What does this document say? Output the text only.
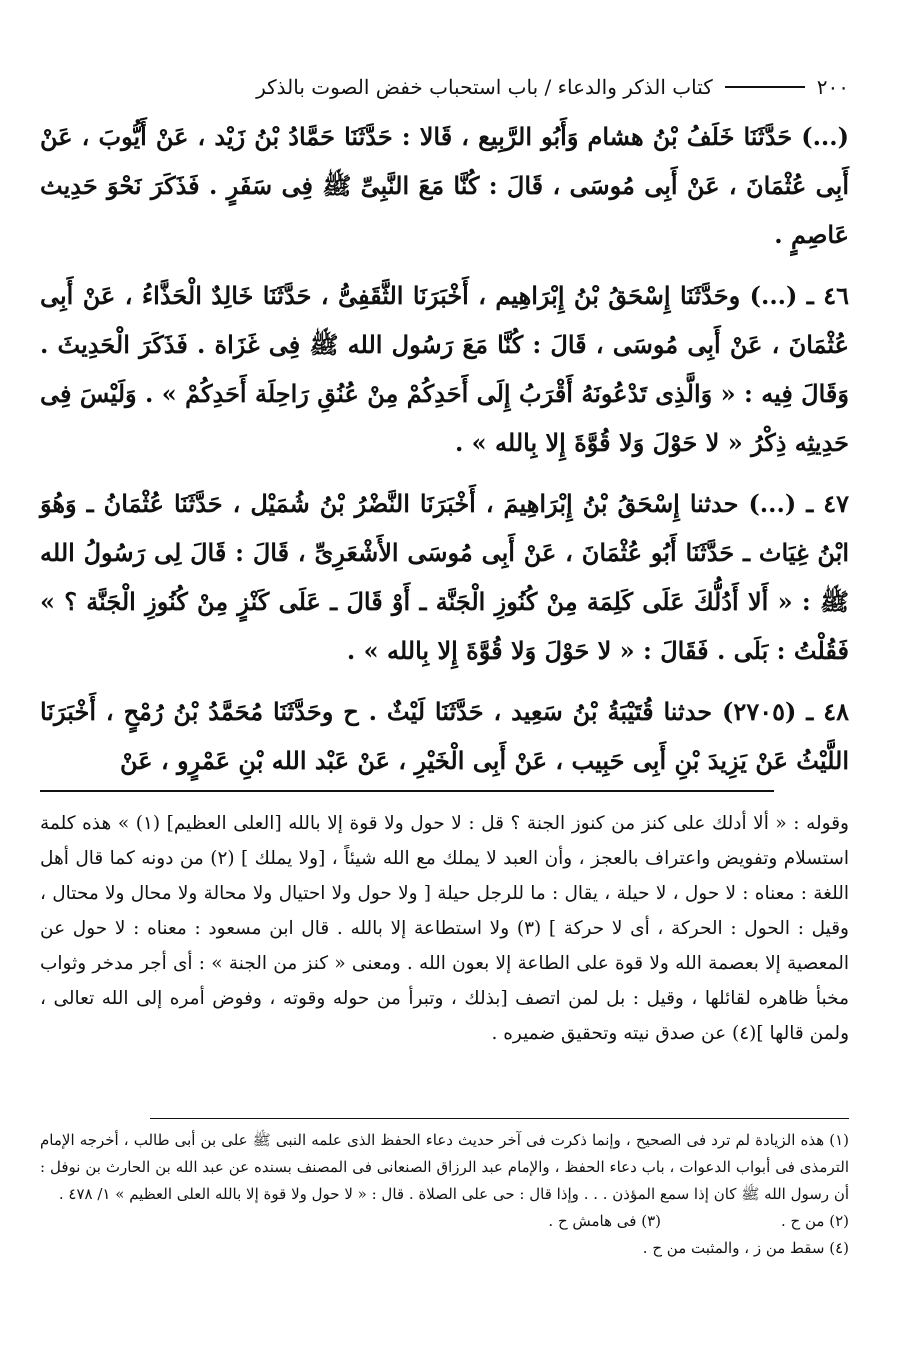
٢٠٠
كتاب الذكر والدعاء / باب استحباب خفض الصوت بالذكر

(...) حَدَّثَنَا خَلَفُ بْنُ هشام وَأَبُو الرَّبِيع ، قَالا : حَدَّثَنَا حَمَّادُ بْنُ زَيْد ، عَنْ أَيُّوبَ ، عَنْ أَبِى عُثْمَانَ ، عَنْ أَبِى مُوسَى ، قَالَ : كُنَّا مَعَ النَّبِىِّ ﷺ فِى سَفَرٍ . فَذَكَرَ نَحْوَ حَدِيث عَاصِمٍ .

٤٦ ـ (...) وحَدَّثَنَا إِسْحَقُ بْنُ إِبْرَاهِيم ، أَخْبَرَنَا الثَّقَفِىُّ ، حَدَّثَنَا خَالِدٌ الْحَذَّاءُ ، عَنْ أَبِى عُثْمَانَ ، عَنْ أَبِى مُوسَى ، قَالَ : كُنَّا مَعَ رَسُول الله ﷺ فِى غَزَاة . فَذَكَرَ الْحَدِيثَ . وَقَالَ فِيه : « وَالَّذِى تَدْعُونَهُ أَقْرَبُ إِلَى أَحَدِكُمْ مِنْ عُنُقِ رَاحِلَة أَحَدِكُمْ » . وَلَيْسَ فِى حَدِيثِه ذِكْرُ « لا حَوْلَ وَلا قُوَّةَ إِلا بِالله » .

٤٧ ـ (...) حدثنا إِسْحَقُ بْنُ إِبْرَاهِيمَ ، أَخْبَرَنَا النَّضْرُ بْنُ شُمَيْل ، حَدَّثَنَا عُثْمَانُ ـ وَهُوَ ابْنُ غِيَاث ـ حَدَّثَنَا أَبُو عُثْمَانَ ، عَنْ أَبِى مُوسَى الأَشْعَرِىِّ ، قَالَ : قَالَ لِى رَسُولُ الله ﷺ : « أَلا أَدُلُّكَ عَلَى كَلِمَة مِنْ كُنُوزِ الْجَنَّة ـ أَوْ قَالَ ـ عَلَى كَنْزٍ مِنْ كُنُوزِ الْجَنَّة ؟ » فَقُلْتُ : بَلَى . فَقَالَ : « لا حَوْلَ وَلا قُوَّةَ إِلا بِالله » .

٤٨ ـ (٢٧٠٥) حدثنا قُتَيْبَةُ بْنُ سَعِيد ، حَدَّثَنَا لَيْثٌ . ح وحَدَّثَنَا مُحَمَّدُ بْنُ رُمْحٍ ، أَخْبَرَنَا اللَّيْثُ عَنْ يَزِيدَ بْنِ أَبِى حَبِيب ، عَنْ أَبِى الْخَيْرِ ، عَنْ عَبْد الله بْنِ عَمْرٍو ، عَنْ

وقوله : « ألا أدلك على كنز من كنوز الجنة ؟ قل : لا حول ولا قوة إلا بالله [العلى العظيم] (١) » هذه كلمة استسلام وتفويض واعتراف بالعجز ، وأن العبد لا يملك مع الله شيئاً ، [ولا يملك ] (٢) من دونه كما قال أهل اللغة : معناه : لا حول ، لا حيلة ، يقال : ما للرجل حيلة [ ولا حول ولا احتيال ولا محالة ولا محال ولا محتال ، وقيل : الحول : الحركة ، أى لا حركة ] (٣) ولا استطاعة إلا بالله . قال ابن مسعود : معناه : لا حول عن المعصية إلا بعصمة الله ولا قوة على الطاعة إلا بعون الله . ومعنى « كنز من الجنة » : أى أجر مدخر وثواب مخبأ ظاهره لقائلها ، وقيل : بل لمن اتصف [بذلك ، وتبرأ من حوله وقوته ، وفوض أمره إلى الله تعالى ، ولمن قالها ](٤) عن صدق نيته وتحقيق ضميره .

(١) هذه الزيادة لم ترد فى الصحيح ، وإنما ذكرت فى آخر حديث دعاء الحفظ الذى علمه النبى ﷺ على بن أبى طالب ، أخرجه الإمام الترمذى فى أبواب الدعوات ، باب دعاء الحفظ ، والإمام عبد الرزاق الصنعانى فى المصنف بسنده عن عبد الله بن الحارث بن نوفل : أن رسول الله ﷺ كان إذا سمع المؤذن . . . وإذا قال : حى على الصلاة . قال : « لا حول ولا قوة إلا بالله العلى العظيم » ١/ ٤٧٨ .

(٢) من ح .

(٣) فى هامش ح .

(٤) سقط من ز ، والمثبت من ح .
